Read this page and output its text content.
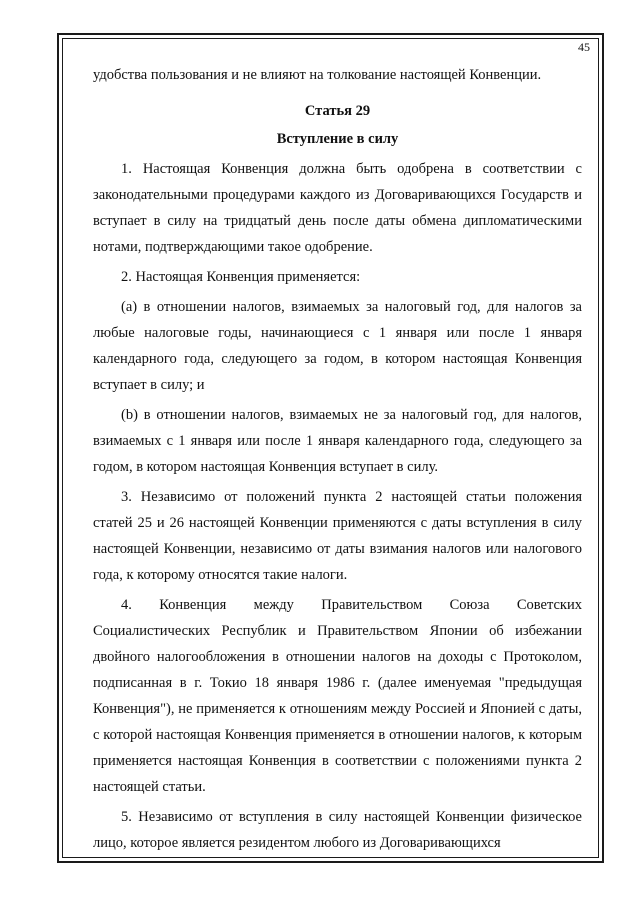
45

удобства пользования и не влияют на толкование настоящей Конвенции.

Статья 29

Вступление в силу

1. Настоящая Конвенция должна быть одобрена в соответствии с законодательными процедурами каждого из Договаривающихся Государств и вступает в силу на тридцатый день после даты обмена дипломатическими нотами, подтверждающими такое одобрение.

2. Настоящая Конвенция применяется:

(a) в отношении налогов, взимаемых за налоговый год, для налогов за любые налоговые годы, начинающиеся с 1 января или после 1 января календарного года, следующего за годом, в котором настоящая Конвенция вступает в силу; и

(b) в отношении налогов, взимаемых не за налоговый год, для налогов, взимаемых с 1 января или после 1 января календарного года, следующего за годом, в котором настоящая Конвенция вступает в силу.

3. Независимо от положений пункта 2 настоящей статьи положения статей 25 и 26 настоящей Конвенции применяются с даты вступления в силу настоящей Конвенции, независимо от даты взимания налогов или налогового года, к которому относятся такие налоги.

4. Конвенция между Правительством Союза Советских Социалистических Республик и Правительством Японии об избежании двойного налогообложения в отношении налогов на доходы с Протоколом, подписанная в г. Токио 18 января 1986 г. (далее именуемая "предыдущая Конвенция"), не применяется к отношениям между Россией и Японией с даты, с которой настоящая Конвенция применяется в отношении налогов, к которым применяется настоящая Конвенция в соответствии с положениями пункта 2 настоящей статьи.

5. Независимо от вступления в силу настоящей Конвенции физическое лицо, которое является резидентом любого из Договаривающихся
